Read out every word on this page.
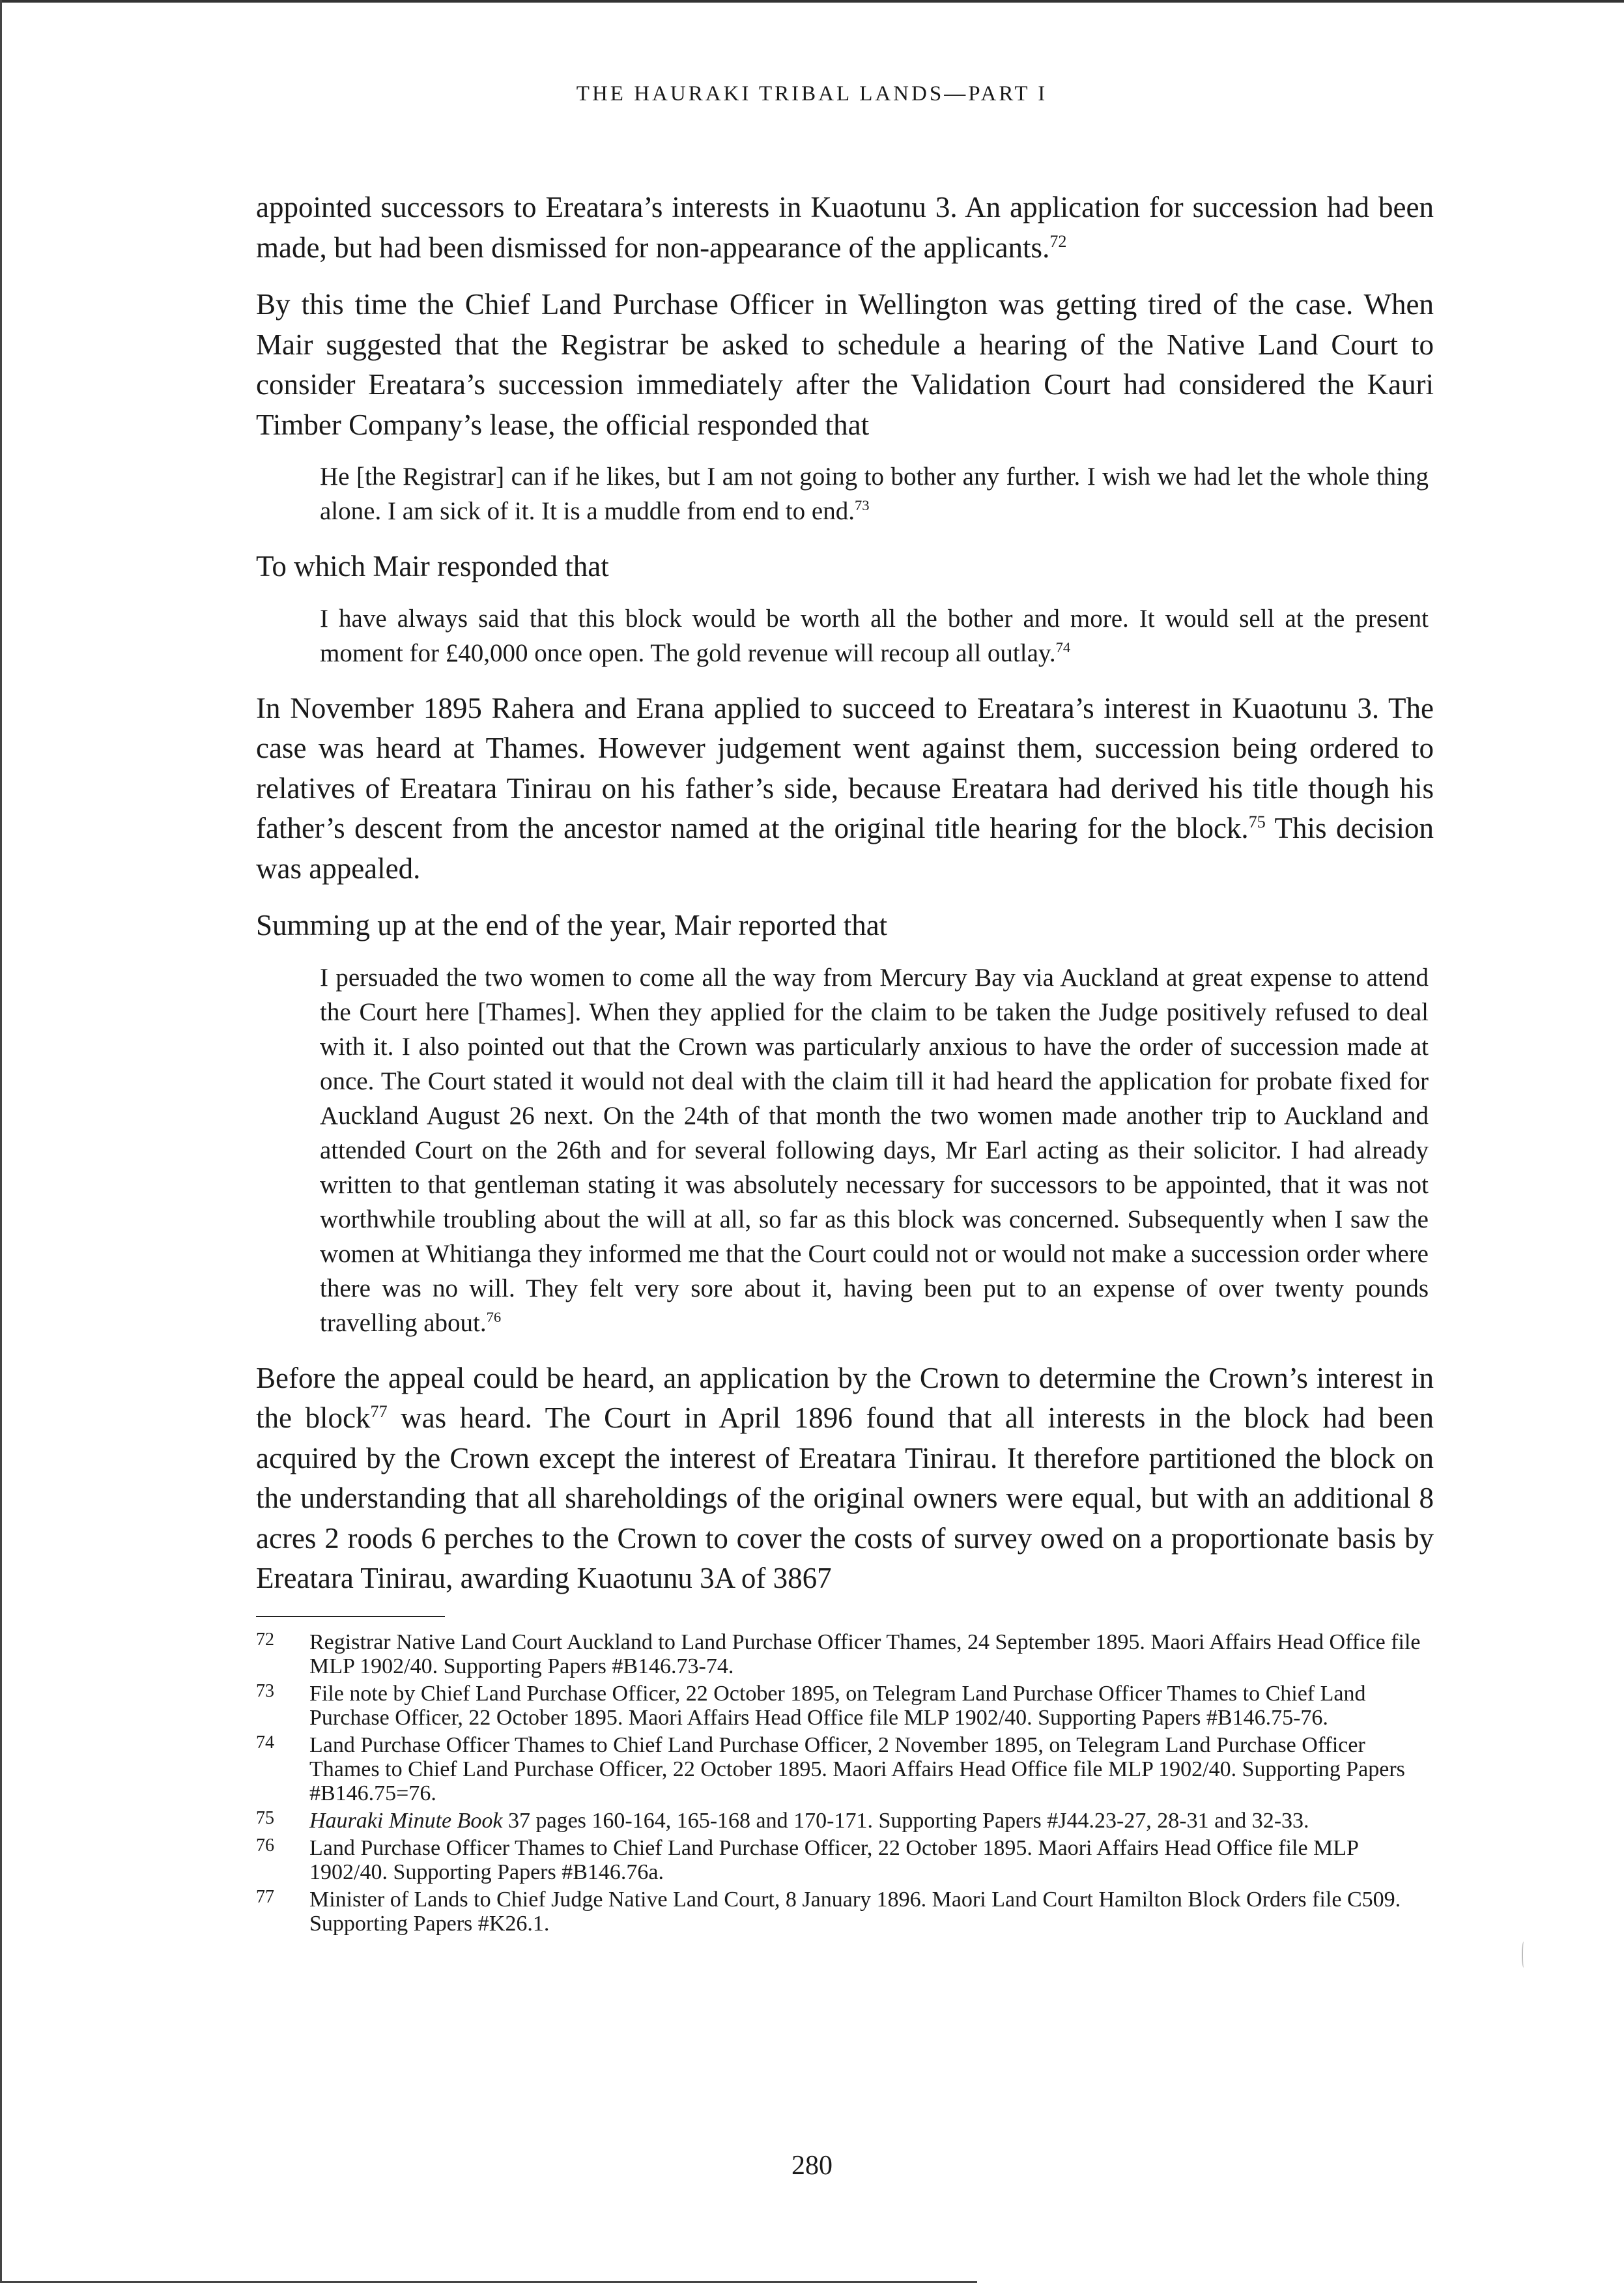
THE HAURAKI TRIBAL LANDS—PART I

appointed successors to Ereatara’s interests in Kuaotunu 3. An application for succession had been made, but had been dismissed for non-appearance of the applicants.$^{72}$

By this time the Chief Land Purchase Officer in Wellington was getting tired of the case. When Mair suggested that the Registrar be asked to schedule a hearing of the Native Land Court to consider Ereatara’s succession immediately after the Validation Court had considered the Kauri Timber Company’s lease, the official responded that

He [the Registrar] can if he likes, but I am not going to bother any further. I wish we had let the whole thing alone. I am sick of it. It is a muddle from end to end.$^{73}$

To which Mair responded that

I have always said that this block would be worth all the bother and more. It would sell at the present moment for £40,000 once open. The gold revenue will recoup all outlay.$^{74}$

In November 1895 Rahera and Erana applied to succeed to Ereatara’s interest in Kuaotunu 3. The case was heard at Thames. However judgement went against them, succession being ordered to relatives of Ereatara Tinirau on his father’s side, because Ereatara had derived his title though his father’s descent from the ancestor named at the original title hearing for the block.$^{75}$ This decision was appealed.

Summing up at the end of the year, Mair reported that

I persuaded the two women to come all the way from Mercury Bay via Auckland at great expense to attend the Court here [Thames]. When they applied for the claim to be taken the Judge positively refused to deal with it. I also pointed out that the Crown was particularly anxious to have the order of succession made at once. The Court stated it would not deal with the claim till it had heard the application for probate fixed for Auckland August 26 next. On the 24th of that month the two women made another trip to Auckland and attended Court on the 26th and for several following days, Mr Earl acting as their solicitor. I had already written to that gentleman stating it was absolutely necessary for successors to be appointed, that it was not worthwhile troubling about the will at all, so far as this block was concerned. Subsequently when I saw the women at Whitianga they informed me that the Court could not or would not make a succession order where there was no will. They felt very sore about it, having been put to an expense of over twenty pounds travelling about.$^{76}$

Before the appeal could be heard, an application by the Crown to determine the Crown’s interest in the block$^{77}$ was heard. The Court in April 1896 found that all interests in the block had been acquired by the Crown except the interest of Ereatara Tinirau. It therefore partitioned the block on the understanding that all shareholdings of the original owners were equal, but with an additional 8 acres 2 roods 6 perches to the Crown to cover the costs of survey owed on a proportionate basis by Ereatara Tinirau, awarding Kuaotunu 3A of 3867

72	Registrar Native Land Court Auckland to Land Purchase Officer Thames, 24 September 1895. Maori Affairs Head Office file MLP 1902/40. Supporting Papers #B146.73-74.
73	File note by Chief Land Purchase Officer, 22 October 1895, on Telegram Land Purchase Officer Thames to Chief Land Purchase Officer, 22 October 1895. Maori Affairs Head Office file MLP 1902/40. Supporting Papers #B146.75-76.
74	Land Purchase Officer Thames to Chief Land Purchase Officer, 2 November 1895, on Telegram Land Purchase Officer Thames to Chief Land Purchase Officer, 22 October 1895. Maori Affairs Head Office file MLP 1902/40. Supporting Papers #B146.75=76.
75	Hauraki Minute Book 37 pages 160-164, 165-168 and 170-171. Supporting Papers #J44.23-27, 28-31 and 32-33.
76	Land Purchase Officer Thames to Chief Land Purchase Officer, 22 October 1895. Maori Affairs Head Office file MLP 1902/40. Supporting Papers #B146.76a.
77	Minister of Lands to Chief Judge Native Land Court, 8 January 1896. Maori Land Court Hamilton Block Orders file C509. Supporting Papers #K26.1.
280
